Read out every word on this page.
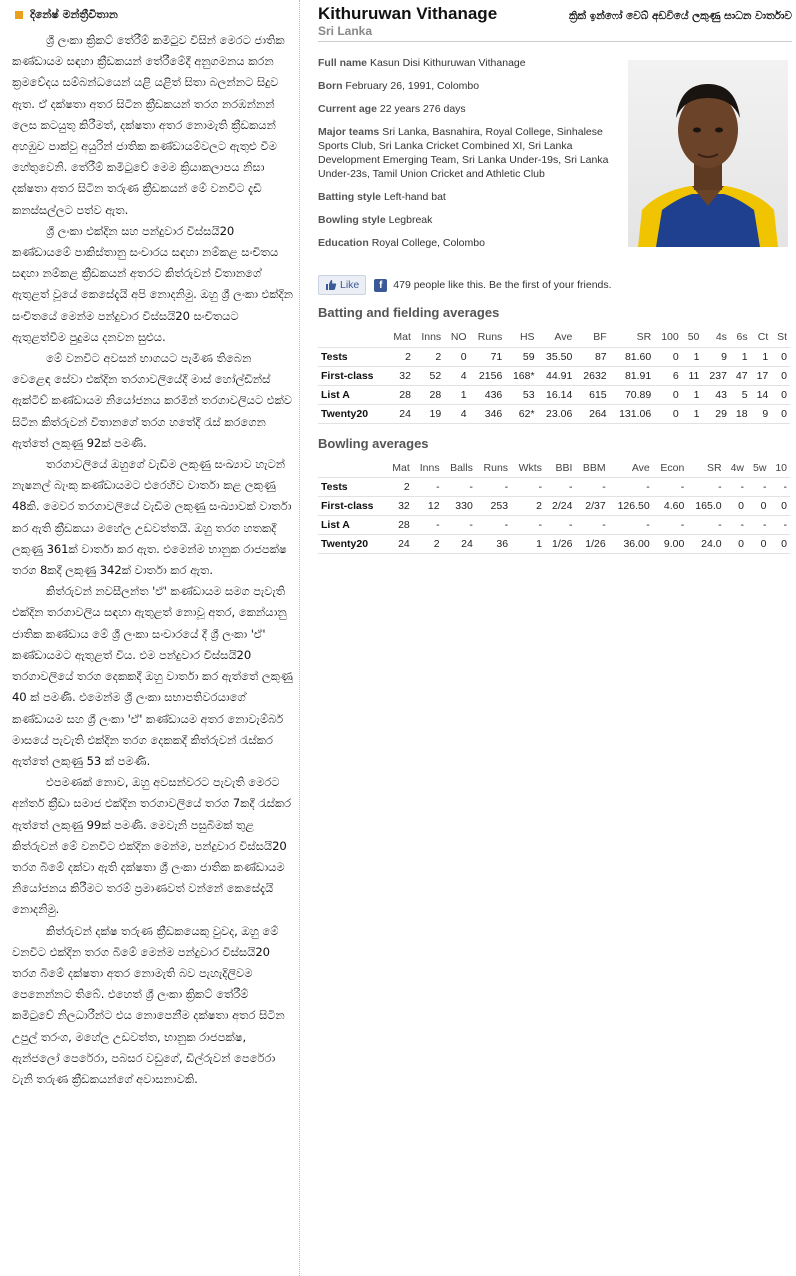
දිනේෂ් මන්ත්‍රීවිතාන

ශ්‍රී ලංකා ක්‍රිකට් තේරීම් කමිටුව විසින් මෙරට ජාතික කණ්ඩායම සඳහා ක්‍රීඩකයන් තේරීමේදී අනුගමනය කරන ක්‍රමවේදය සම්බන්ධයෙන් යළි යළිත් සිතා බලන්නට සිදුව ඇත. ඒ දක්ෂතා අතර සිටින ක්‍රීඩකයන් තරග නරඹන්නන් ලෙස කටයුතු කිරීමත්, දක්ෂතා අතර නොමැති ක්‍රීඩකයන් අහඹුව පාක්වු අයුරින් ජාතික කණ්ඩායම්වලට ඇතුළු වීම හේතුවෙනි. තේරීම් කමිටුවේ මෙම ක්‍රියාකලාපය නිසා දක්ෂතා අතර සිටින තරුණ ක්‍රීඩකයන් මේ වනවිට දැඩි කනස්සල්ලට පත්ව ඇත.

ශ්‍රී ලංකා එක්දින සහ පන්දුවාර විස්සයි20 කණ්ඩායමේ පාකිස්තානු සංචාරය සඳහා නම්කළ සංචිතය සඳහා නම්කළ ක්‍රීඩකයන් අතරට කිත්රුවන් විතානගේ ඇතුළත් වූයේ කෙසේදැයි අපි නොදනිමු. ඔහු ශ්‍රී ලංකා එක්දින සංචිතයේ මෙන්ම පන්දුවාර විස්සයි20 සංචිතයට ඇතුළත්වීම පුදුමය දනවන සුළුය.

මේ වනවිට අවසන් භාගයට පැමිණ තිබෙන වෙළෙඳ සේවා එක්දින තරගාවලියේදී මාස් හෝල්ඩින්ස් ඇක්ටිව් කණ්ඩායම නියෝජනය කරමින් තරගාවලියට එක්ව සිටින කිත්රුවන් විතානගේ තරග හතේදී රැස් කරගෙන ඇත්තේ ලකුණු 92ක් පමණි.

තරගාවලියේ ඔහුගේ වැඩිම ලකුණු සංඛ්‍යාව හැටන් නැෂනල් බැංකු කණ්ඩායමට එරෙහිව වාර්තා කළ ලකුණු 48කි. මෙවර තරගාවලියේ වැඩිම ලකුණු සංඛ්‍යාවක් වාර්තා කර ඇති ක්‍රීඩකයා මහේල උඩවත්තයි. ඔහු තරග හතකදී ලකුණු 361ක් වාර්තා කර ඇත. එමෙන්ම භානුක රාජපක්ෂ තරග 8කදී ලකුණු 342ක් වාර්තා කර ඇත.

කිත්රුවන් නවසීලන්ත 'ඒ' කණ්ඩායම සමග පැවැති එක්දින තරගාවලිය සඳහා ඇතුළත් නොවූ අතර, කෙන්යානු ජාතික කණ්ඩාය මේ ශ්‍රී ලංකා සංචාරයේ දී ශ්‍රී ලංකා 'ඒ' කණ්ඩායමට ඇතුළත් විය. එම පන්දුවාර විස්සයි20 තරගාවලියේ තරග දෙකකදී ඔහු වාර්තා කර ඇත්තේ ලකුණු 40 ක් පමණි. එමෙන්ම ශ්‍රී ලංකා සභාපතිවරයාගේ කණ්ඩායම සහ ශ්‍රී ලංකා 'ඒ' කණ්ඩායම අතර නොවැම්බර් මාසයේ පැවැති එක්දින තරග දෙකකදී කිත්රුවන් රැස්කර ඇත්තේ ලකුණු 53 ක් පමණි.

එපමණක් නොව, ඔහු අවසන්වරට පැවැති මෙරට අන්තර් ක්‍රීඩා සමාජ එක්දින තරගාවලියේ තරග 7කදී රැස්කර ඇත්තේ ලකුණු 99ක් පමණි. මෙවැනි පසුබිමක් තුළ කිත්රුවන් මේ වනවිට එක්දින මෙන්ම, පන්දුවාර විස්සයි20 තරග බිමේ දක්වා ඇති දක්ෂතා ශ්‍රී ලංකා ජාතික කණ්ඩායම නියෝජනය කිරීමට තරම් ප්‍රමාණවත් වන්නේ කෙසේදැයි නොදනිමු.

කිත්රුවන් දක්ෂ තරුණ ක්‍රීඩකයෙකු වුවද, ඔහු මේ වනවිට එක්දින තරග බිමේ මෙන්ම පන්දුවාර විස්සයි20 තරග බිමේ දක්ෂතා අතර නොමැති බව පැහැදිලිවම පෙනෙන්නට තිබේ. එහෙත් ශ්‍රී ලංකා ක්‍රිකට් තේරීම් කමිටුවේ නිලධාරීන්ට එය නොපෙනීම දක්ෂතා අතර සිටින උපුල් තරංග, මහේල උඩවත්ත, භානුක රාජපක්ෂ, ඇන්ජලෝ පෙරේරා, පබසර වඩුගේ, ඩිල්රුවන් පෙරේරා වැනි තරුණ ක්‍රීඩකයන්ගේ අවාසනාවකි.

Kithuruwan Vithanage
Sri Lanka
ක්‍රික් ඉන්ෆෝ වෙබ් අඩවියේ ලකුණු සාධන වාර්තාව
Full name Kasun Disi Kithuruwan Vithanage
Born February 26, 1991, Colombo
Current age 22 years 276 days
Major teams Sri Lanka, Basnahira, Royal College, Sinhalese Sports Club, Sri Lanka Cricket Combined XI, Sri Lanka Development Emerging Team, Sri Lanka Under-19s, Sri Lanka Under-23s, Tamil Union Cricket and Athletic Club
Batting style Left-hand bat
Bowling style Legbreak
Education Royal College, Colombo
Like	f	479 people like this. Be the first of your friends.
Batting and fielding averages
	Mat	Inns	NO	Runs	HS	Ave	BF	SR	100	50	4s	6s	Ct	St
Tests	2	2	0	71	59	35.50	87	81.60	0	1	9	1	1	0
First-class	32	52	4	2156	168*	44.91	2632	81.91	6	11	237	47	17	0
List A	28	28	1	436	53	16.14	615	70.89	0	1	43	5	14	0
Twenty20	24	19	4	346	62*	23.06	264	131.06	0	1	29	18	9	0
Bowling averages
	Mat	Inns	Balls	Runs	Wkts	BBI	BBM	Ave	Econ	SR	4w	5w	10
Tests	2	-	-	-	-	-	-	-	-	-	-	-	-
First-class	32	12	330	253	2	2/24	2/37	126.50	4.60	165.0	0	0	0
List A	28	-	-	-	-	-	-	-	-	-	-	-	-
Twenty20	24	2	24	36	1	1/26	1/26	36.00	9.00	24.0	0	0	0
